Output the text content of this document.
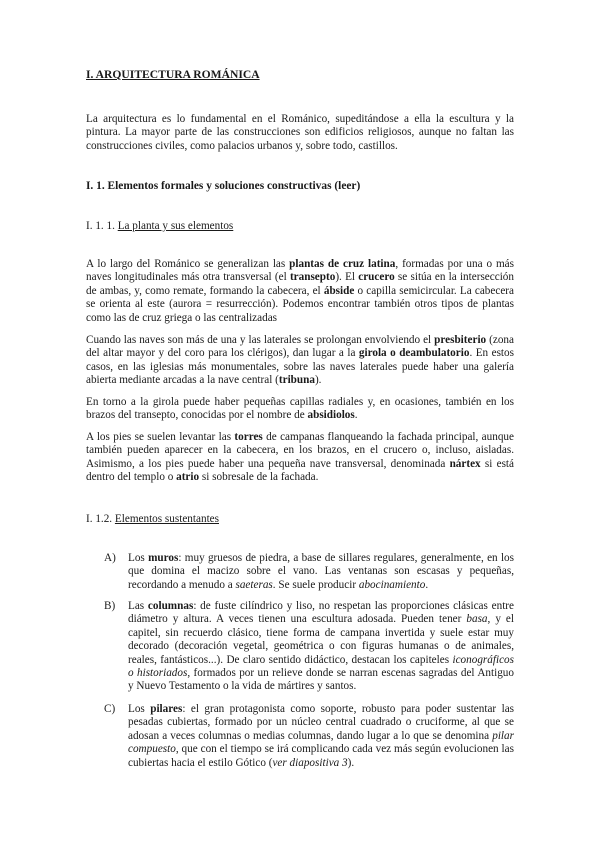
I. ARQUITECTURA ROMÁNICA

La arquitectura es lo fundamental en el Románico, supeditándose a ella la escultura y la pintura. La mayor parte de las construcciones son edificios religiosos, aunque no faltan las construcciones civiles, como palacios urbanos y, sobre todo, castillos.

I. 1. Elementos formales y soluciones constructivas (leer)

I. 1. 1. La planta y sus elementos

A lo largo del Románico se generalizan las plantas de cruz latina, formadas por una o más naves longitudinales más otra transversal (el transepto). El crucero se sitúa en la intersección de ambas, y, como remate, formando la cabecera, el ábside o capilla semicircular. La cabecera se orienta al este (aurora = resurrección). Podemos encontrar también otros tipos de plantas como las de cruz griega o las centralizadas

Cuando las naves son más de una y las laterales se prolongan envolviendo el presbiterio (zona del altar mayor y del coro para los clérigos), dan lugar a la girola o deambulatorio. En estos casos, en las iglesias más monumentales, sobre las naves laterales puede haber una galería abierta mediante arcadas a la nave central (tribuna).

En torno a la girola puede haber pequeñas capillas radiales y, en ocasiones, también en los brazos del transepto, conocidas por el nombre de absidiolos.

A los pies se suelen levantar las torres de campanas flanqueando la fachada principal, aunque también pueden aparecer en la cabecera, en los brazos, en el crucero o, incluso, aisladas. Asimismo, a los pies puede haber una pequeña nave transversal, denominada nártex si está dentro del templo o atrio si sobresale de la fachada.

I. 1.2. Elementos sustentantes

A) Los muros: muy gruesos de piedra, a base de sillares regulares, generalmente, en los que domina el macizo sobre el vano. Las ventanas son escasas y pequeñas, recordando a menudo a saeteras. Se suele producir abocinamiento.

B) Las columnas: de fuste cilíndrico y liso, no respetan las proporciones clásicas entre diámetro y altura. A veces tienen una escultura adosada. Pueden tener basa, y el capitel, sin recuerdo clásico, tiene forma de campana invertida y suele estar muy decorado (decoración vegetal, geométrica o con figuras humanas o de animales, reales, fantásticos...). De claro sentido didáctico, destacan los capiteles iconográficos o historiados, formados por un relieve donde se narran escenas sagradas del Antiguo y Nuevo Testamento o la vida de mártires y santos.

C) Los pilares: el gran protagonista como soporte, robusto para poder sustentar las pesadas cubiertas, formado por un núcleo central cuadrado o cruciforme, al que se adosan a veces columnas o medias columnas, dando lugar a lo que se denomina pilar compuesto, que con el tiempo se irá complicando cada vez más según evolucionen las cubiertas hacia el estilo Gótico (ver diapositiva 3).
